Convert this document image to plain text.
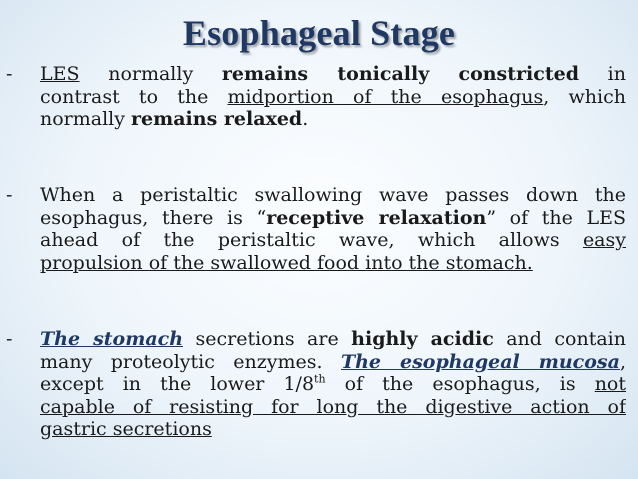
Esophageal Stage
- LES normally remains tonically constricted in
contrast to the midportion of the esophagus, which
normally remains relaxed.
- When a peristaltic swallowing wave passes down the
esophagus, there is “receptive relaxation” of the LES
ahead of the peristaltic wave, which allows easy
propulsion of the swallowed food into the stomach.
- The stomach secretions are highly acidic and contain
many proteolytic enzymes. The esophageal mucosa,
except in the lower 1/8th of the esophagus, is not
capable of resisting for long the digestive action of
gastric secretions
